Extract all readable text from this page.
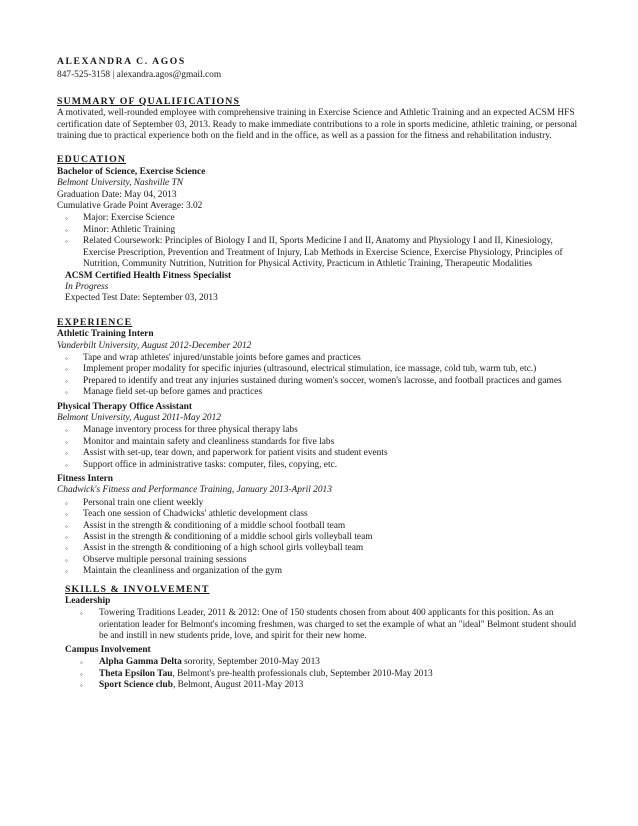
ALEXANDRA C. AGOS
847-525-3158 | alexandra.agos@gmail.com
SUMMARY OF QUALIFICATIONS
A motivated, well-rounded employee with comprehensive training in Exercise Science and Athletic Training and an expected ACSM HFS certification date of September 03, 2013. Ready to make immediate contributions to a role in sports medicine, athletic training, or personal training due to practical experience both on the field and in the office, as well as a passion for the fitness and rehabilitation industry.
EDUCATION
Bachelor of Science, Exercise Science
Belmont University, Nashville TN
Graduation Date: May 04, 2013
Cumulative Grade Point Average: 3.02
◦ Major: Exercise Science
◦ Minor: Athletic Training
◦ Related Coursework: Principles of Biology I and II, Sports Medicine I and II, Anatomy and Physiology I and II, Kinesiology, Exercise Prescription, Prevention and Treatment of Injury, Lab Methods in Exercise Science, Exercise Physiology, Principles of Nutrition, Community Nutrition, Nutrition for Physical Activity, Practicum in Athletic Training, Therapeutic Modalities
ACSM Certified Health Fitness Specialist
In Progress
Expected Test Date: September 03, 2013
EXPERIENCE
Athletic Training Intern
Vanderbilt University, August 2012-December 2012
◦ Tape and wrap athletes' injured/unstable joints before games and practices
◦ Implement proper modality for specific injuries (ultrasound, electrical stimulation, ice massage, cold tub, warm tub, etc.)
◦ Prepared to identify and treat any injuries sustained during women's soccer, women's lacrosse, and football practices and games
◦ Manage field set-up before games and practices
Physical Therapy Office Assistant
Belmont University, August 2011-May 2012
◦ Manage inventory process for three physical therapy labs
◦ Monitor and maintain safety and cleanliness standards for five labs
◦ Assist with set-up, tear down, and paperwork for patient visits and student events
◦ Support office in administrative tasks: computer, files, copying, etc.
Fitness Intern
Chadwick's Fitness and Performance Training, January 2013-April 2013
◦ Personal train one client weekly
◦ Teach one session of Chadwicks' athletic development class
◦ Assist in the strength & conditioning of a middle school football team
◦ Assist in the strength & conditioning of a middle school girls volleyball team
◦ Assist in the strength & conditioning of a high school girls volleyball team
◦ Observe multiple personal training sessions
◦ Maintain the cleanliness and organization of the gym
SKILLS & INVOLVEMENT
Leadership
◦ Towering Traditions Leader, 2011 & 2012: One of 150 students chosen from about 400 applicants for this position. As an orientation leader for Belmont's incoming freshmen, was charged to set the example of what an "ideal" Belmont student should be and instill in new students pride, love, and spirit for their new home.
Campus Involvement
◦ Alpha Gamma Delta sorority, September 2010-May 2013
◦ Theta Epsilon Tau, Belmont's pre-health professionals club, September 2010-May 2013
◦ Sport Science club, Belmont, August 2011-May 2013
